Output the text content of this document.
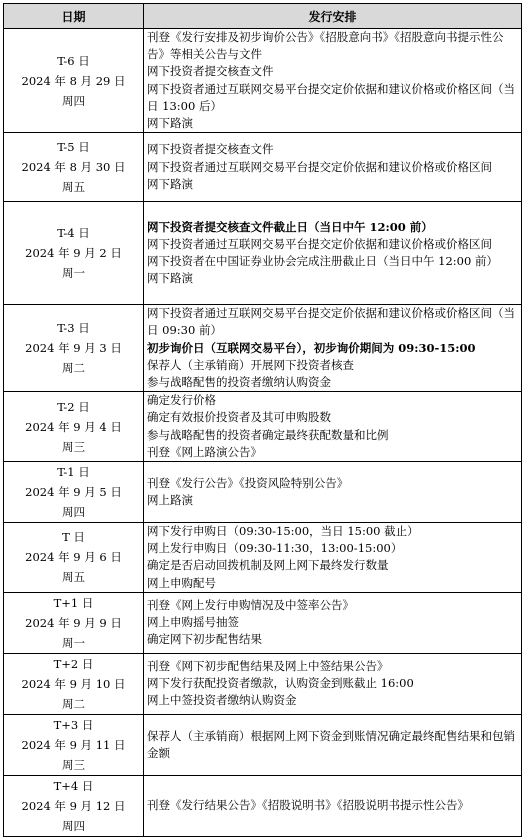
日期	发行安排

T-6 日
2024 年 8 月 29 日
周四	刊登《发行安排及初步询价公告》《招股意向书》《招股意向书提示性公告》等相关公告与文件
网下投资者提交核查文件
网下投资者通过互联网交易平台提交定价依据和建议价格或价格区间（当日 13:00 后）
网下路演

T-5 日
2024 年 8 月 30 日
周五	网下投资者提交核查文件
网下投资者通过互联网交易平台提交定价依据和建议价格或价格区间
网下路演

T-4 日
2024 年 9 月 2 日
周一	网下投资者提交核查文件截止日（当日中午 12:00 前）
网下投资者通过互联网交易平台提交定价依据和建议价格或价格区间
网下投资者在中国证券业协会完成注册截止日（当日中午 12:00 前）
网下路演

T-3 日
2024 年 9 月 3 日
周二	网下投资者通过互联网交易平台提交定价依据和建议价格或价格区间（当日 09:30 前）
初步询价日（互联网交易平台），初步询价期间为 09:30-15:00
保荐人（主承销商）开展网下投资者核查
参与战略配售的投资者缴纳认购资金

T-2 日
2024 年 9 月 4 日
周三	确定发行价格
确定有效报价投资者及其可申购股数
参与战略配售的投资者确定最终获配数量和比例
刊登《网上路演公告》

T-1 日
2024 年 9 月 5 日
周四	刊登《发行公告》《投资风险特别公告》
网上路演

T 日
2024 年 9 月 6 日
周五	网下发行申购日（09:30-15:00，当日 15:00 截止）
网上发行申购日（09:30-11:30，13:00-15:00）
确定是否启动回拨机制及网上网下最终发行数量
网上申购配号

T+1 日
2024 年 9 月 9 日
周一	刊登《网上发行申购情况及中签率公告》
网上申购摇号抽签
确定网下初步配售结果

T+2 日
2024 年 9 月 10 日
周二	刊登《网下初步配售结果及网上中签结果公告》
网下发行获配投资者缴款，认购资金到账截止 16:00
网上中签投资者缴纳认购资金

T+3 日
2024 年 9 月 11 日
周三	保荐人（主承销商）根据网上网下资金到账情况确定最终配售结果和包销金额

T+4 日
2024 年 9 月 12 日
周四	刊登《发行结果公告》《招股说明书》《招股说明书提示性公告》
